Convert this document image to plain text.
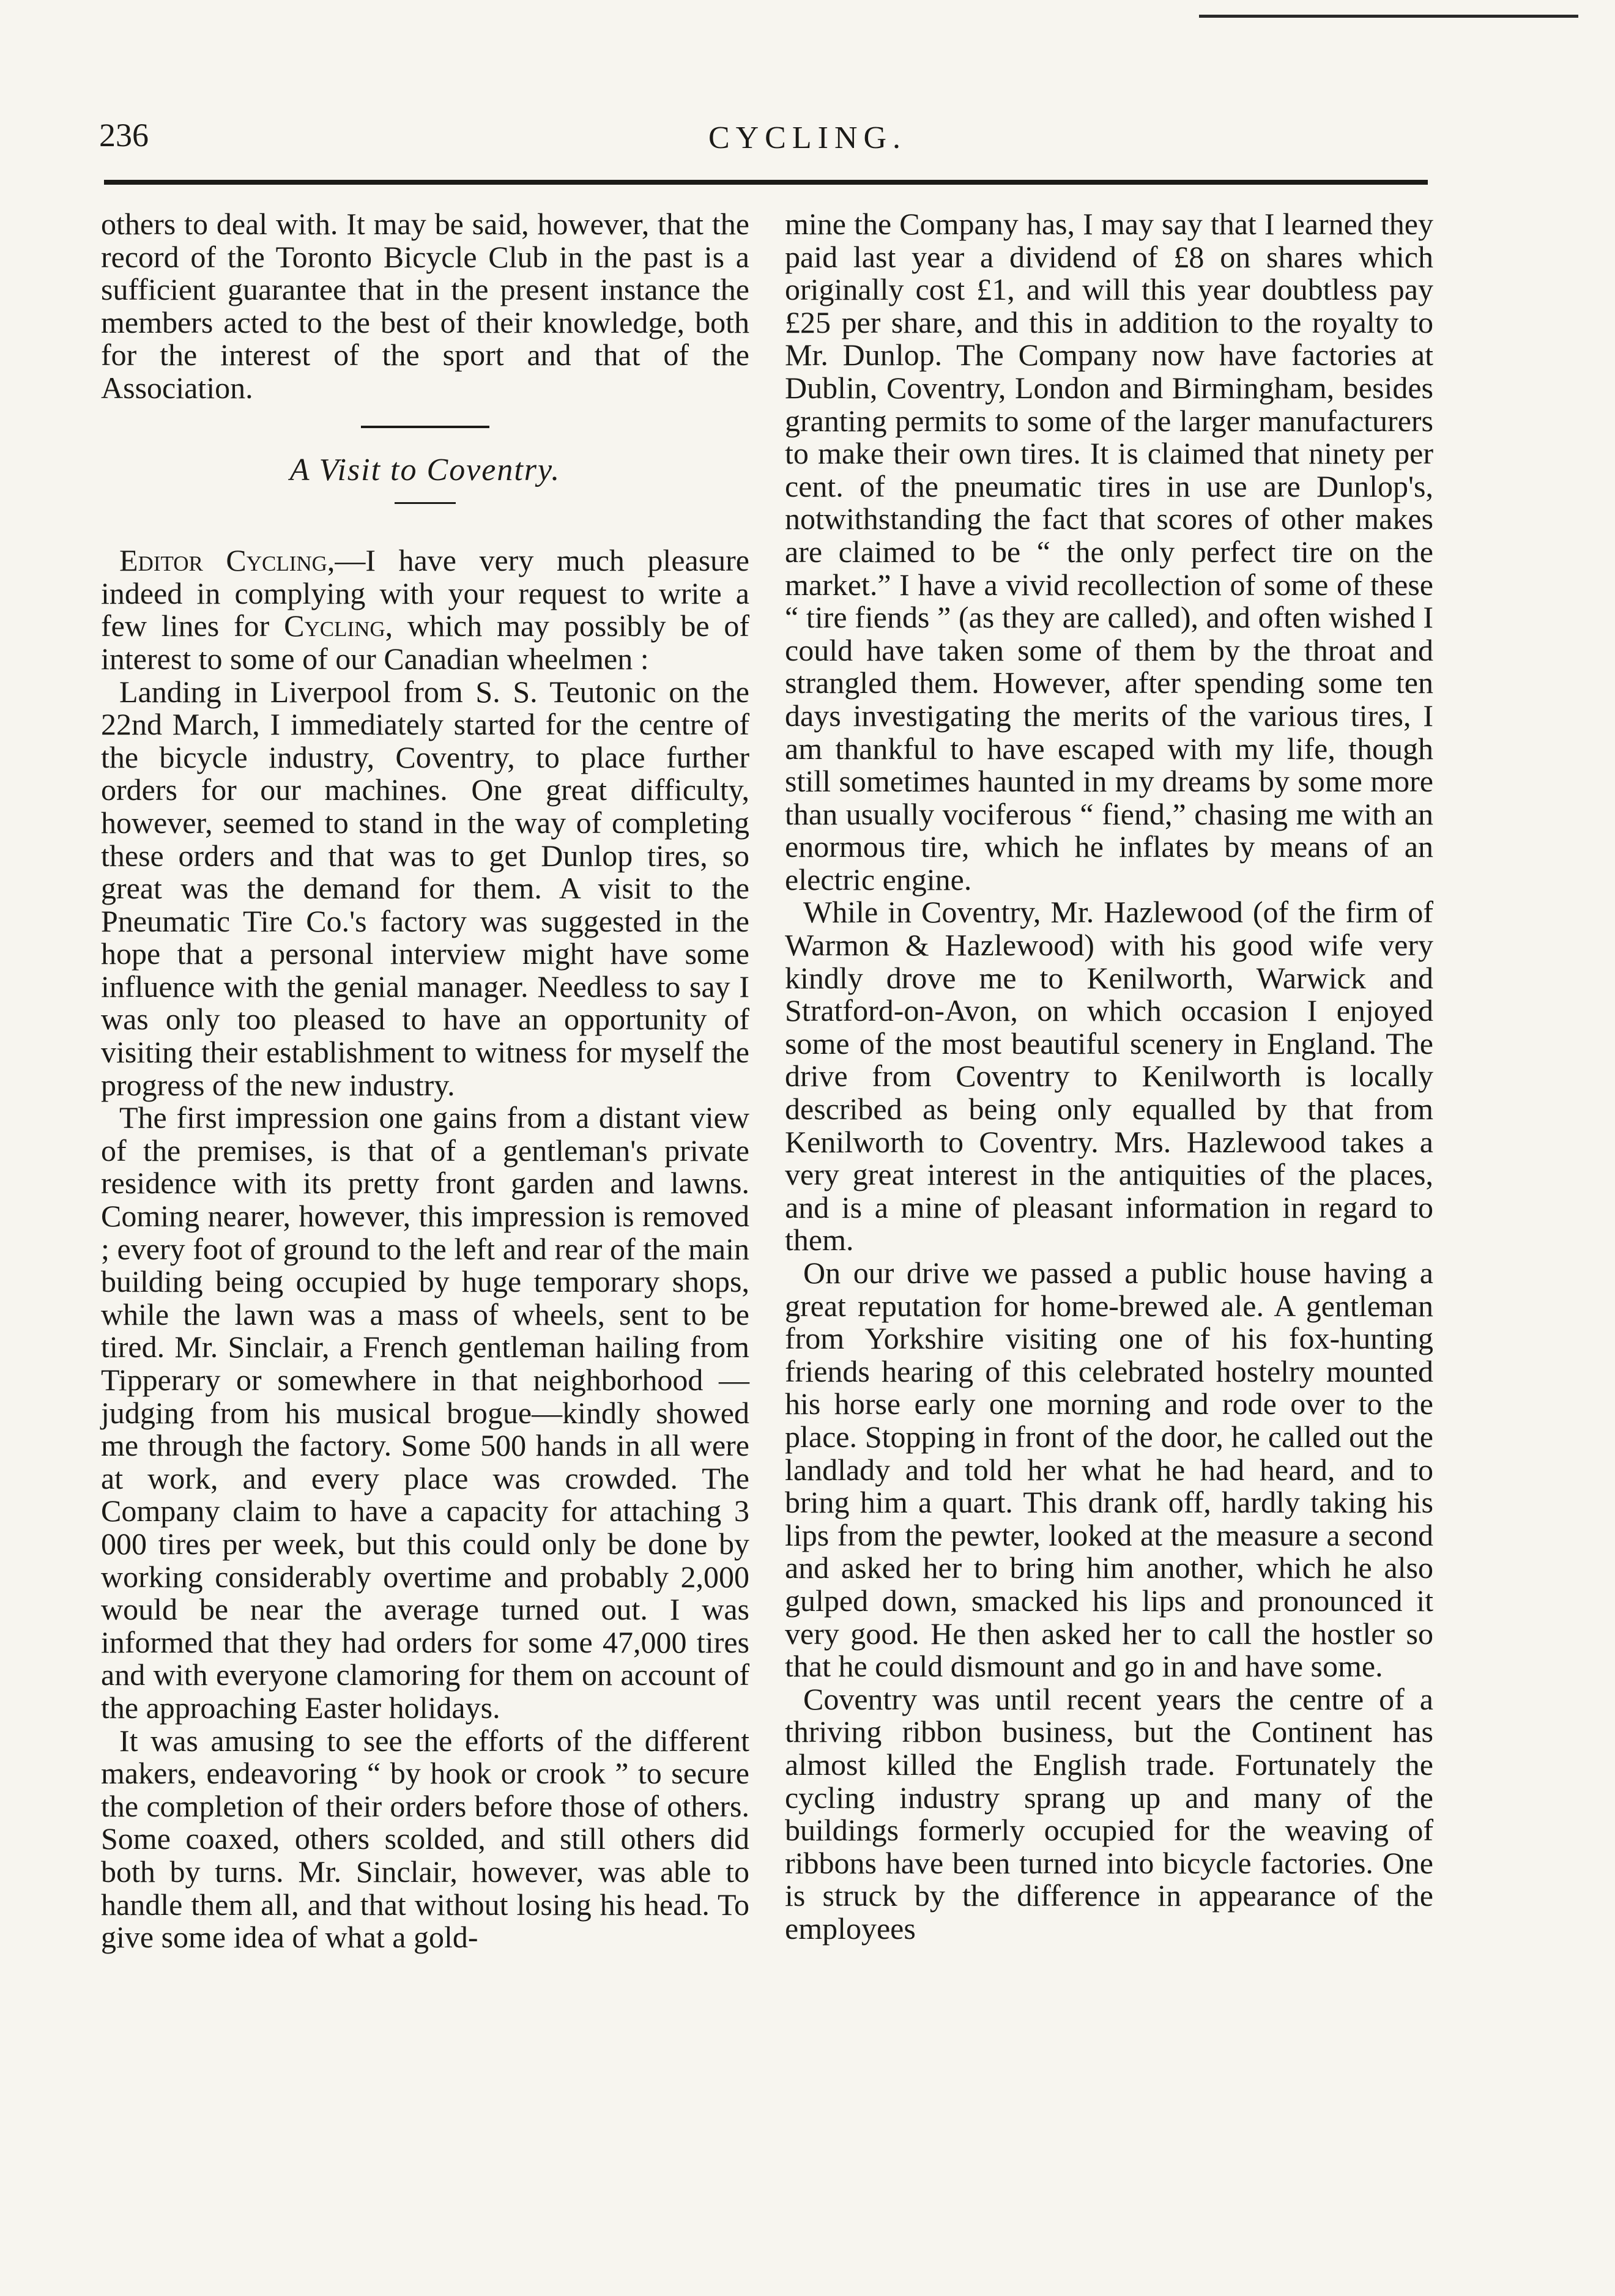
236	CYCLING.

others to deal with. It may be said, however, that the record of the Toronto Bicycle Club in the past is a sufficient guarantee that in the present instance the members acted to the best of their knowledge, both for the interest of the sport and that of the Association.

A Visit to Coventry.

Editor Cycling,—I have very much pleasure indeed in complying with your request to write a few lines for Cycling, which may possibly be of interest to some of our Canadian wheelmen :

Landing in Liverpool from S. S. Teutonic on the 22nd March, I immediately started for the centre of the bicycle industry, Coventry, to place further orders for our machines. One great difficulty, however, seemed to stand in the way of completing these orders and that was to get Dunlop tires, so great was the demand for them. A visit to the Pneumatic Tire Co.'s factory was suggested in the hope that a personal interview might have some influence with the genial manager. Needless to say I was only too pleased to have an opportunity of visiting their establishment to witness for myself the progress of the new industry.

The first impression one gains from a distant view of the premises, is that of a gentleman's private residence with its pretty front garden and lawns. Coming nearer, however, this impression is removed ; every foot of ground to the left and rear of the main building being occupied by huge temporary shops, while the lawn was a mass of wheels, sent to be tired. Mr. Sinclair, a French gentleman hailing from Tipperary or somewhere in that neighborhood — judging from his musical brogue—kindly showed me through the factory. Some 500 hands in all were at work, and every place was crowded. The Company claim to have a capacity for attaching 3 000 tires per week, but this could only be done by working considerably overtime and probably 2,000 would be near the average turned out. I was informed that they had orders for some 47,000 tires and with everyone clamoring for them on account of the approaching Easter holidays.

It was amusing to see the efforts of the different makers, endeavoring “ by hook or crook ” to secure the completion of their orders before those of others. Some coaxed, others scolded, and still others did both by turns. Mr. Sinclair, however, was able to handle them all, and that without losing his head. To give some idea of what a gold-

mine the Company has, I may say that I learned they paid last year a dividend of £8 on shares which originally cost £1, and will this year doubtless pay £25 per share, and this in addition to the royalty to Mr. Dunlop. The Company now have factories at Dublin, Coventry, London and Birmingham, besides granting permits to some of the larger manufacturers to make their own tires. It is claimed that ninety per cent. of the pneumatic tires in use are Dunlop's, notwithstanding the fact that scores of other makes are claimed to be “ the only perfect tire on the market.” I have a vivid recollection of some of these “ tire fiends ” (as they are called), and often wished I could have taken some of them by the throat and strangled them. However, after spending some ten days investigating the merits of the various tires, I am thankful to have escaped with my life, though still sometimes haunted in my dreams by some more than usually vociferous “ fiend,” chasing me with an enormous tire, which he inflates by means of an electric engine.

While in Coventry, Mr. Hazlewood (of the firm of Warmon & Hazlewood) with his good wife very kindly drove me to Kenilworth, Warwick and Stratford-on-Avon, on which occasion I enjoyed some of the most beautiful scenery in England. The drive from Coventry to Kenilworth is locally described as being only equalled by that from Kenilworth to Coventry. Mrs. Hazlewood takes a very great interest in the antiquities of the places, and is a mine of pleasant information in regard to them.

On our drive we passed a public house having a great reputation for home-brewed ale. A gentleman from Yorkshire visiting one of his fox-hunting friends hearing of this celebrated hostelry mounted his horse early one morning and rode over to the place. Stopping in front of the door, he called out the landlady and told her what he had heard, and to bring him a quart. This drank off, hardly taking his lips from the pewter, looked at the measure a second and asked her to bring him another, which he also gulped down, smacked his lips and pronounced it very good. He then asked her to call the hostler so that he could dismount and go in and have some.

Coventry was until recent years the centre of a thriving ribbon business, but the Continent has almost killed the English trade. Fortunately the cycling industry sprang up and many of the buildings formerly occupied for the weaving of ribbons have been turned into bicycle factories. One is struck by the difference in appearance of the employees
